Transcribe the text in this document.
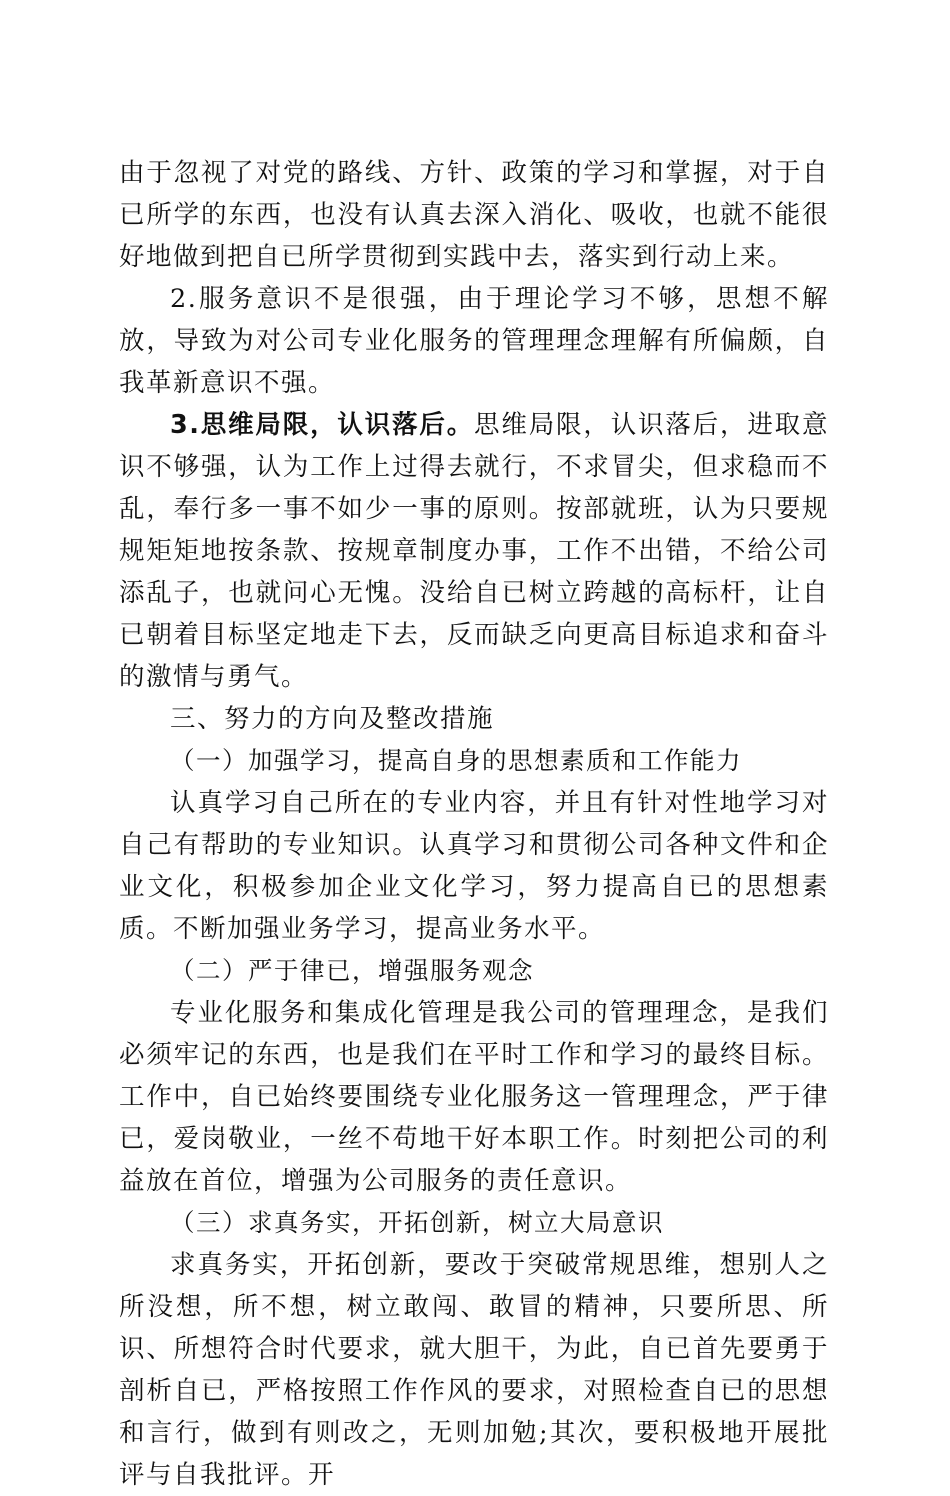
由于忽视了对党的路线、方针、政策的学习和掌握，对于自已所学的东西，也没有认真去深入消化、吸收，也就不能很好地做到把自已所学贯彻到实践中去，落实到行动上来。

2.服务意识不是很强，由于理论学习不够，思想不解放，导致为对公司专业化服务的管理理念理解有所偏颇，自我革新意识不强。

3.思维局限，认识落后。思维局限，认识落后，进取意识不够强，认为工作上过得去就行，不求冒尖，但求稳而不乱，奉行多一事不如少一事的原则。按部就班，认为只要规规矩矩地按条款、按规章制度办事，工作不出错，不给公司添乱子，也就问心无愧。没给自已树立跨越的高标杆，让自已朝着目标坚定地走下去，反而缺乏向更高目标追求和奋斗的激情与勇气。

三、努力的方向及整改措施

（一）加强学习，提高自身的思想素质和工作能力

认真学习自己所在的专业内容，并且有针对性地学习对自己有帮助的专业知识。认真学习和贯彻公司各种文件和企业文化，积极参加企业文化学习，努力提高自已的思想素质。不断加强业务学习，提高业务水平。

（二）严于律已，增强服务观念

专业化服务和集成化管理是我公司的管理理念，是我们必须牢记的东西，也是我们在平时工作和学习的最终目标。工作中，自已始终要围绕专业化服务这一管理理念，严于律已，爱岗敬业，一丝不苟地干好本职工作。时刻把公司的利益放在首位，增强为公司服务的责任意识。

（三）求真务实，开拓创新，树立大局意识

求真务实，开拓创新，要改于突破常规思维，想别人之所没想，所不想，树立敢闯、敢冒的精神，只要所思、所识、所想符合时代要求，就大胆干，为此，自已首先要勇于剖析自已，严格按照工作作风的要求，对照检查自已的思想和言行，做到有则改之，无则加勉;其次，要积极地开展批评与自我批评。开
